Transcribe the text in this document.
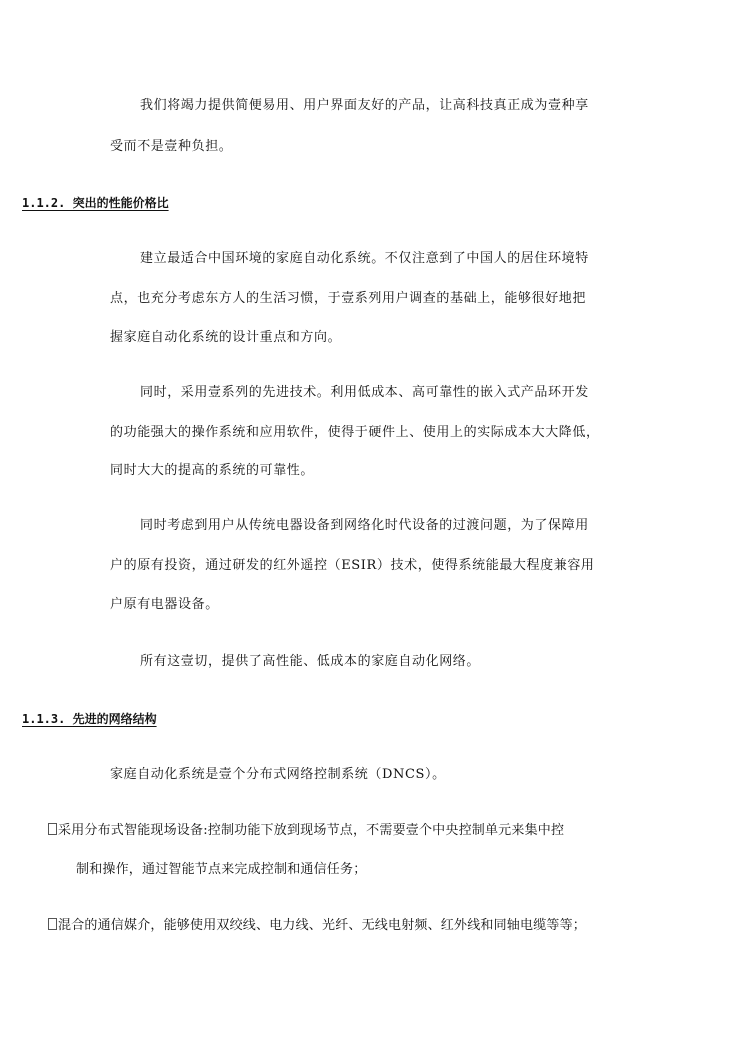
我们将竭力提供简便易用、用户界面友好的产品，让高科技真正成为壹种享
受而不是壹种负担。
1.1.2. 突出的性能价格比
建立最适合中国环境的家庭自动化系统。不仅注意到了中国人的居住环境特
点，也充分考虑东方人的生活习惯，于壹系列用户调查的基础上，能够很好地把
握家庭自动化系统的设计重点和方向。
同时，采用壹系列的先进技术。利用低成本、高可靠性的嵌入式产品环开发
的功能强大的操作系统和应用软件，使得于硬件上、使用上的实际成本大大降低，
同时大大的提高的系统的可靠性。
同时考虑到用户从传统电器设备到网络化时代设备的过渡问题，为了保障用
户的原有投资，通过研发的红外遥控（ESIR）技术，使得系统能最大程度兼容用
户原有电器设备。
所有这壹切，提供了高性能、低成本的家庭自动化网络。
1.1.3. 先进的网络结构
家庭自动化系统是壹个分布式网络控制系统（DNCS）。
采用分布式智能现场设备:控制功能下放到现场节点，不需要壹个中央控制单元来集中控
制和操作，通过智能节点来完成控制和通信任务；
混合的通信媒介，能够使用双绞线、电力线、光纤、无线电射频、红外线和同轴电缆等等；
